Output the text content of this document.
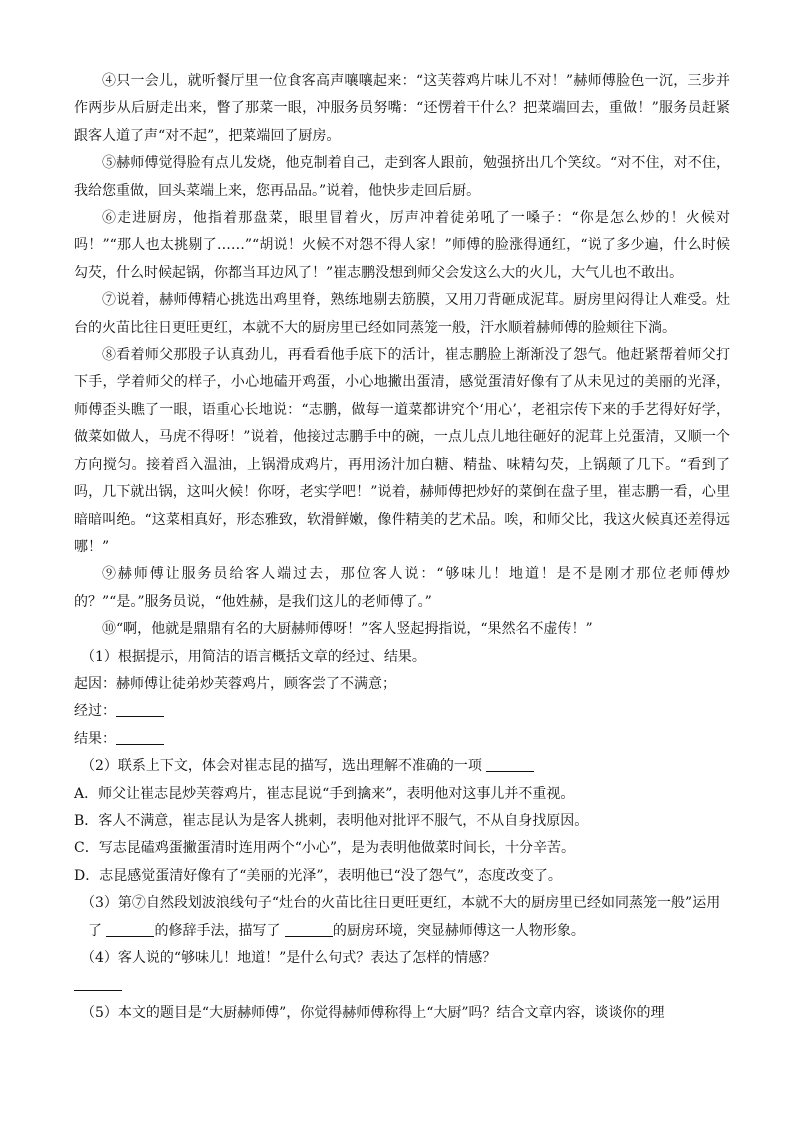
④只一会儿，就听餐厅里一位食客高声嚷嚷起来：“这芙蓉鸡片味儿不对！”赫师傅脸色一沉，三步并作两步从后厨走出来，瞥了那菜一眼，冲服务员努嘴：“还愣着干什么？把菜端回去，重做！”服务员赶紧跟客人道了声“对不起”，把菜端回了厨房。

⑤赫师傅觉得脸有点儿发烧，他克制着自己，走到客人跟前，勉强挤出几个笑纹。“对不住，对不住，我给您重做，回头菜端上来，您再品品。”说着，他快步走回后厨。

⑥走进厨房，他指着那盘菜，眼里冒着火，厉声冲着徒弟吼了一嗓子：“你是怎么炒的！火候对吗！”“那人也太挑剔了……”“胡说！火候不对怨不得人家！”师傅的脸涨得通红，“说了多少遍，什么时候勾芡，什么时候起锅，你都当耳边风了！”崔志鹏没想到师父会发这么大的火儿，大气儿也不敢出。

⑦说着，赫师傅精心挑选出鸡里脊，熟练地剔去筋膜，又用刀背砸成泥茸。厨房里闷得让人难受。灶台的火苗比往日更旺更红，本就不大的厨房里已经如同蒸笼一般，汗水顺着赫师傅的脸颊往下淌。

⑧看着师父那股子认真劲儿，再看看他手底下的活计，崔志鹏脸上渐渐没了怨气。他赶紧帮着师父打下手，学着师父的样子，小心地磕开鸡蛋，小心地撇出蛋清，感觉蛋清好像有了从未见过的美丽的光泽，师傅歪头瞧了一眼，语重心长地说：“志鹏，做每一道菜都讲究个‘用心’，老祖宗传下来的手艺得好好学，做菜如做人，马虎不得呀！”说着，他接过志鹏手中的碗，一点儿点儿地往砸好的泥茸上兑蛋清，又顺一个方向搅匀。接着舀入温油，上锅滑成鸡片，再用汤汁加白糖、精盐、味精勾芡，上锅颠了几下。“看到了吗，几下就出锅，这叫火候！你呀，老实学吧！”说着，赫师傅把炒好的菜倒在盘子里，崔志鹏一看，心里暗暗叫绝。“这菜相真好，形态雅致，软滑鲜嫩，像件精美的艺术品。唉，和师父比，我这火候真还差得远哪！”

⑨赫师傅让服务员给客人端过去，那位客人说：“够味儿！地道！是不是刚才那位老师傅炒的？”“是。”服务员说，“他姓赫，是我们这儿的老师傅了。”

⑩“啊，他就是鼎鼎有名的大厨赫师傅呀！”客人竖起拇指说，“果然名不虚传！”

（1）根据提示，用简洁的语言概括文章的经过、结果。

起因：赫师傅让徒弟炒芙蓉鸡片，顾客尝了不满意；

经过：

结果：

（2）联系上下文，体会对崔志昆的描写，选出理解不准确的一项

A．师父让崔志昆炒芙蓉鸡片，崔志昆说“手到擒来”，表明他对这事儿并不重视。

B．客人不满意，崔志昆认为是客人挑刺，表明他对批评不服气，不从自身找原因。

C．写志昆磕鸡蛋撇蛋清时连用两个“小心”，是为表明他做菜时间长，十分辛苦。

D．志昆感觉蛋清好像有了“美丽的光泽”，表明他已“没了怨气”，态度改变了。

（3）第⑦自然段划波浪线句子“灶台的火苗比往日更旺更红，本就不大的厨房里已经如同蒸笼一般”运用

了	的修辞手法，描写了	的厨房环境，突显赫师傅这一人物形象。

（4）客人说的“够味儿！地道！”是什么句式？表达了怎样的情感？

（5）本文的题目是“大厨赫师傅”，你觉得赫师傅称得上“大厨”吗？结合文章内容，谈谈你的理
